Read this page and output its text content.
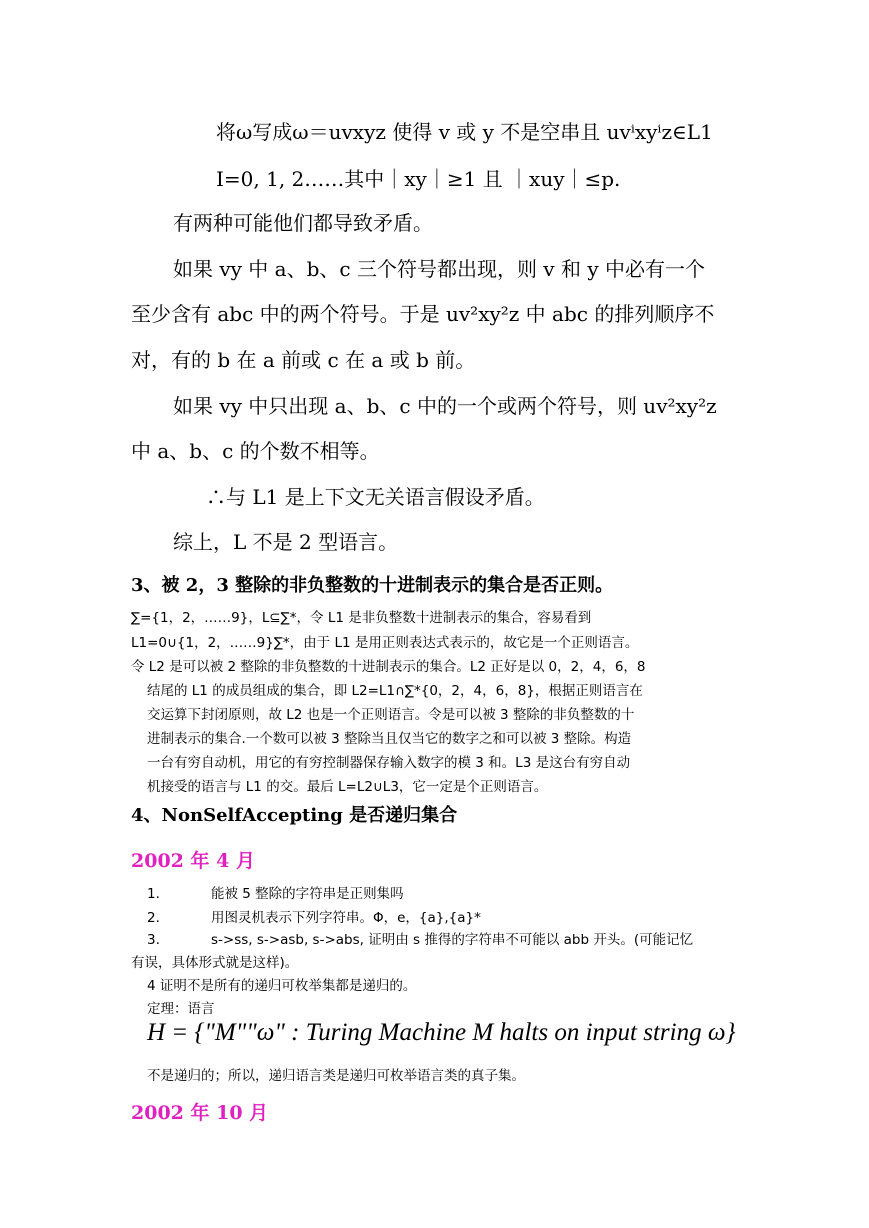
将ω写成ω＝uvxyz 使得 v 或 y 不是空串且 uvⁱxyⁱz∈L1
I=0, 1, 2……其中｜xy｜≥1 且 ｜xuy｜≤p.
有两种可能他们都导致矛盾。
如果 vy 中 a、b、c 三个符号都出现，则 v 和 y 中必有一个
至少含有 abc 中的两个符号。于是 uv²xy²z 中 abc 的排列顺序不
对，有的 b 在 a 前或 c 在 a 或 b 前。
如果 vy 中只出现 a、b、c 中的一个或两个符号，则 uv²xy²z
中 a、b、c 的个数不相等。
∴与 L1 是上下文无关语言假设矛盾。
综上，L 不是 2 型语言。
3、被 2，3 整除的非负整数的十进制表示的集合是否正则。
∑={1，2，……9}，L⊆∑*，令 L1 是非负整数十进制表示的集合，容易看到
L1=0∪{1，2，……9}∑*，由于 L1 是用正则表达式表示的，故它是一个正则语言。
令 L2 是可以被 2 整除的非负整数的十进制表示的集合。L2 正好是以 0，2，4，6，8
结尾的 L1 的成员组成的集合，即 L2=L1∩∑*{0，2，4，6，8}，根据正则语言在
交运算下封闭原则，故 L2 也是一个正则语言。令是可以被 3 整除的非负整数的十
进制表示的集合.一个数可以被 3 整除当且仅当它的数字之和可以被 3 整除。构造
一台有穷自动机，用它的有穷控制器保存输入数字的模 3 和。L3 是这台有穷自动
机接受的语言与 L1 的交。最后 L=L2∪L3，它一定是个正则语言。
4、NonSelfAccepting 是否递归集合
2002 年 4 月
1.	能被 5 整除的字符串是正则集吗
2.	用图灵机表示下列字符串。Φ，e，{a},{a}*
3.	s->ss, s->asb, s->abs, 证明由 s 推得的字符串不可能以 abb 开头。(可能记忆
有误，具体形式就是这样)。
4 证明不是所有的递归可枚举集都是递归的。
定理：语言
H = {"M""ω" : Turing Machine M halts on input string ω}
不是递归的；所以，递归语言类是递归可枚举语言类的真子集。
2002 年 10 月
